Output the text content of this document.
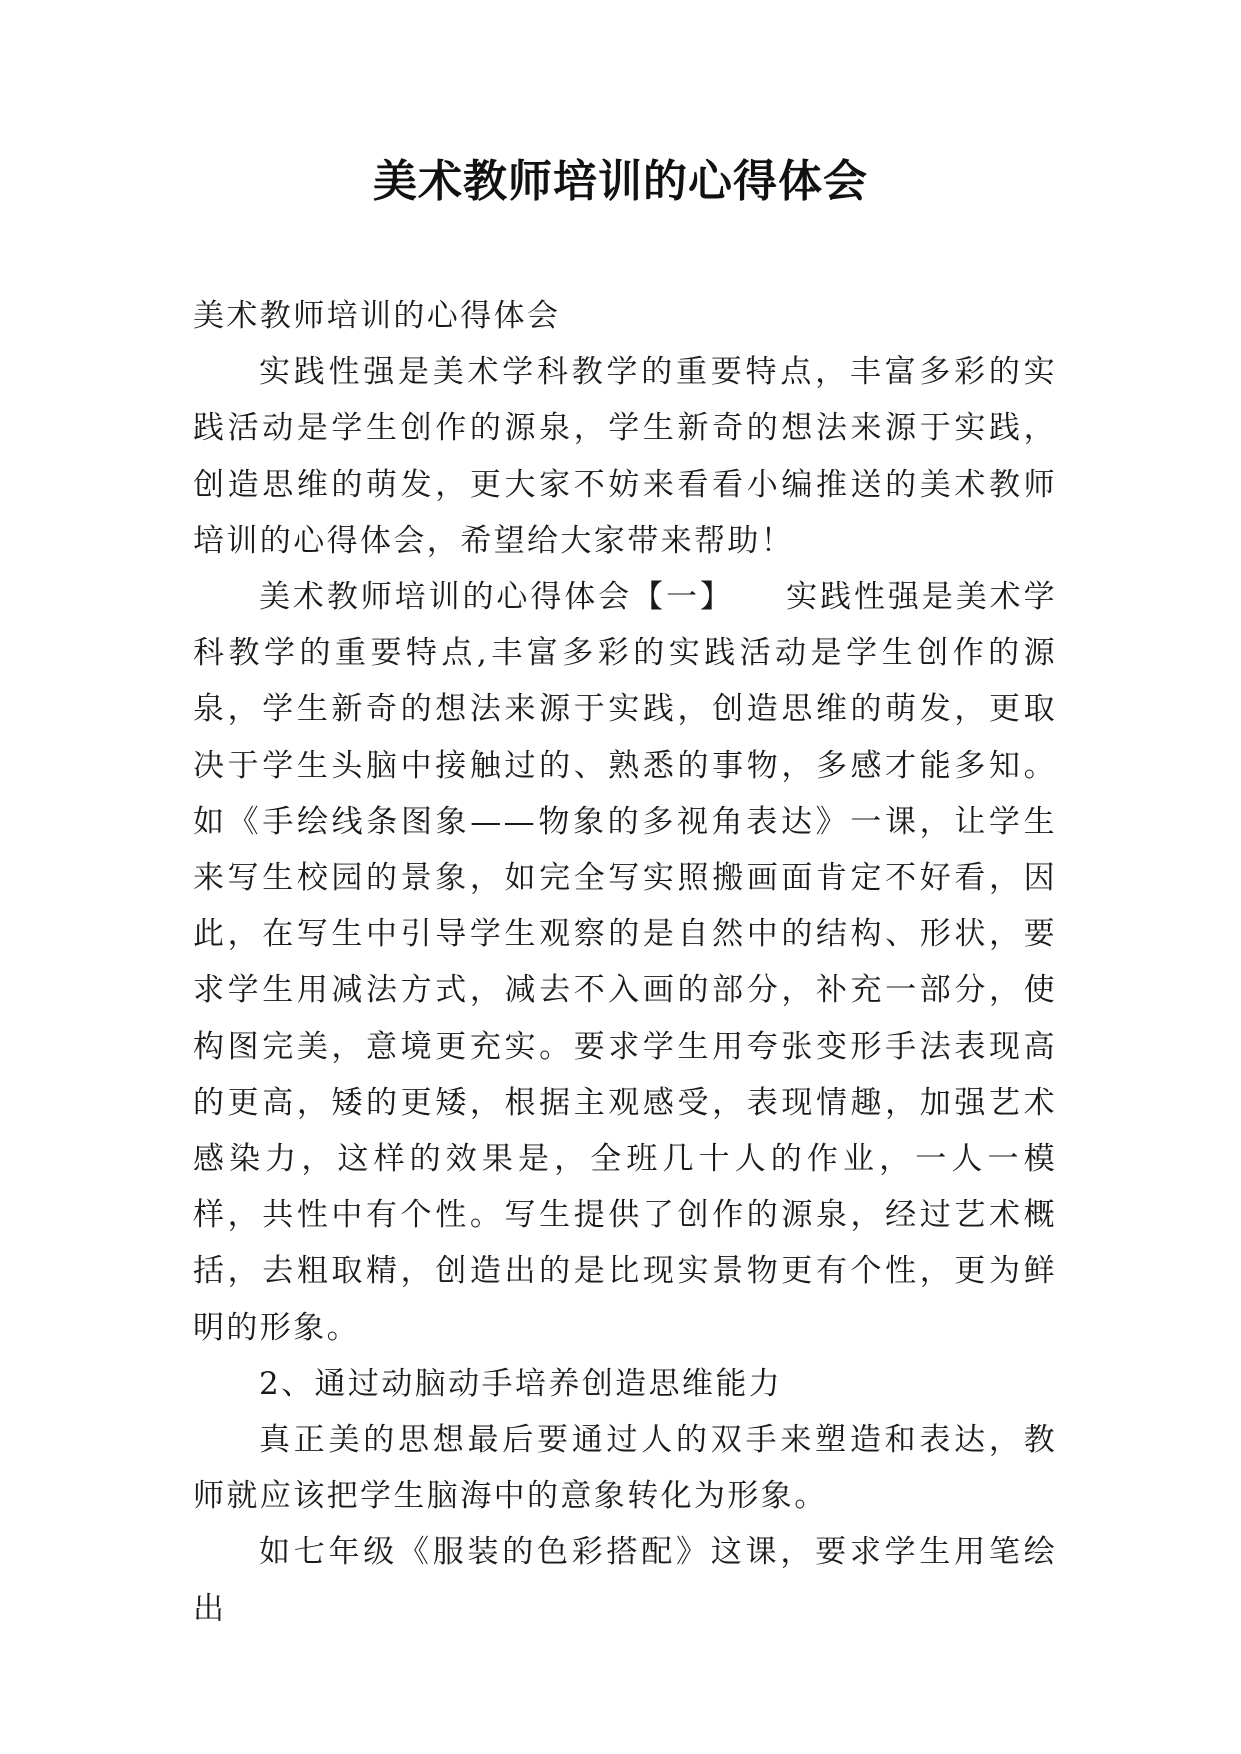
美术教师培训的心得体会

美术教师培训的心得体会

实践性强是美术学科教学的重要特点，丰富多彩的实践活动是学生创作的源泉，学生新奇的想法来源于实践，创造思维的萌发，更大家不妨来看看小编推送的美术教师培训的心得体会，希望给大家带来帮助！

美术教师培训的心得体会【一】　　实践性强是美术学科教学的重要特点,丰富多彩的实践活动是学生创作的源泉，学生新奇的想法来源于实践，创造思维的萌发，更取决于学生头脑中接触过的、熟悉的事物，多感才能多知。如《手绘线条图象——物象的多视角表达》一课，让学生来写生校园的景象，如完全写实照搬画面肯定不好看，因此，在写生中引导学生观察的是自然中的结构、形状，要求学生用减法方式，减去不入画的部分，补充一部分，使构图完美，意境更充实。要求学生用夸张变形手法表现高的更高，矮的更矮，根据主观感受，表现情趣，加强艺术感染力，这样的效果是，全班几十人的作业，一人一模样，共性中有个性。写生提供了创作的源泉，经过艺术概括，去粗取精，创造出的是比现实景物更有个性，更为鲜明的形象。

2、通过动脑动手培养创造思维能力

真正美的思想最后要通过人的双手来塑造和表达，教师就应该把学生脑海中的意象转化为形象。

如七年级《服装的色彩搭配》这课，要求学生用笔绘出
